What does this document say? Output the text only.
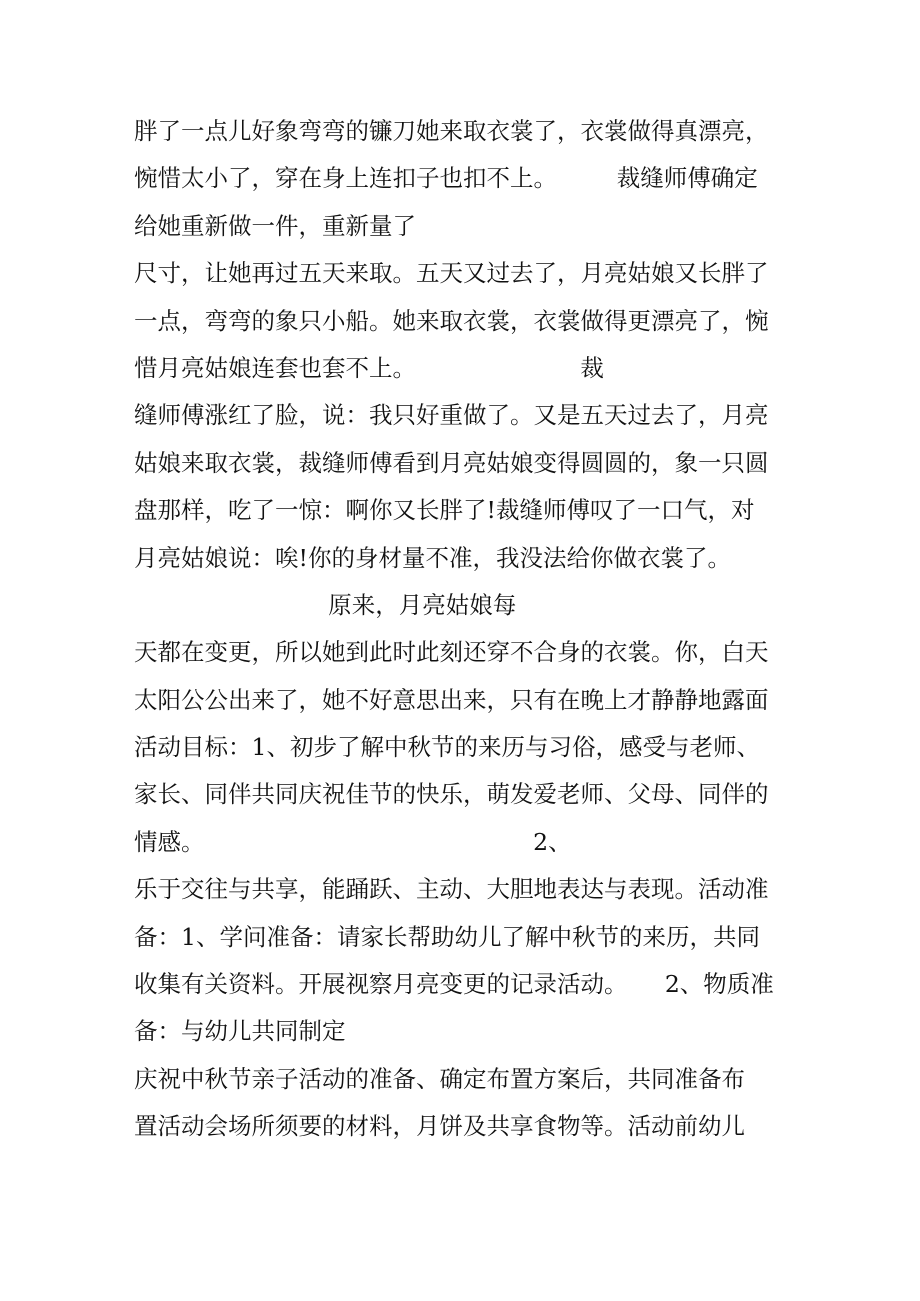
胖了一点儿好象弯弯的镰刀她来取衣裳了，衣裳做得真漂亮，
惋惜太小了，穿在身上连扣子也扣不上。        裁缝师傅确定
给她重新做一件，重新量了
尺寸，让她再过五天来取。五天又过去了，月亮姑娘又长胖了
一点，弯弯的象只小船。她来取衣裳，衣裳做得更漂亮了，惋
惜月亮姑娘连套也套不上。                      裁
缝师傅涨红了脸，说：我只好重做了。又是五天过去了，月亮
姑娘来取衣裳，裁缝师傅看到月亮姑娘变得圆圆的，象一只圆
盘那样，吃了一惊：啊你又长胖了!裁缝师傅叹了一口气，对
月亮姑娘说：唉!你的身材量不准，我没法给你做衣裳了。
原来，月亮姑娘每
天都在变更，所以她到此时此刻还穿不合身的衣裳。你，白天
太阳公公出来了，她不好意思出来，只有在晚上才静静地露面
活动目标：1、初步了解中秋节的来历与习俗，感受与老师、
家长、同伴共同庆祝佳节的快乐，萌发爱老师、父母、同伴的
情感。                                            2、
乐于交往与共享，能踊跃、主动、大胆地表达与表现。活动准
备：1、学问准备：请家长帮助幼儿了解中秋节的来历，共同
收集有关资料。开展视察月亮变更的记录活动。     2、物质准
备：与幼儿共同制定
庆祝中秋节亲子活动的准备、确定布置方案后，共同准备布
置活动会场所须要的材料，月饼及共享食物等。活动前幼儿
